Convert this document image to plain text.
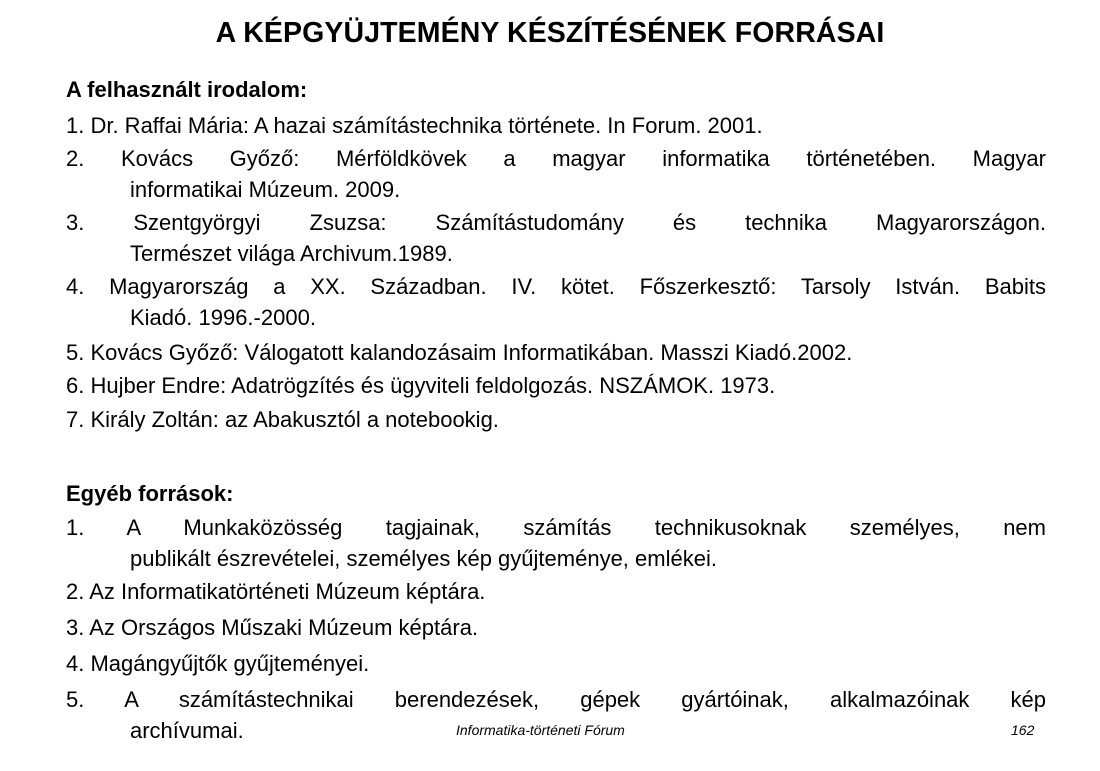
A KÉPGYÜJTEMÉNY KÉSZÍTÉSÉNEK FORRÁSAI
A felhasznált irodalom:
1. Dr. Raffai Mária: A hazai számítástechnika története. In Forum. 2001.
2. Kovács Győző: Mérföldkövek a magyar informatika történetében. Magyar
informatikai Múzeum. 2009.
3. Szentgyörgyi Zsuzsa: Számítástudomány és technika Magyarországon.
Természet világa Archivum.1989.
4. Magyarország a XX. Században. IV. kötet. Főszerkesztő: Tarsoly István. Babits
Kiadó. 1996.-2000.
5. Kovács Győző: Válogatott kalandozásaim Informatikában. Masszi Kiadó.2002.
6. Hujber Endre: Adatrögzítés és ügyviteli feldolgozás. NSZÁMOK. 1973.
7. Király Zoltán: az Abakusztól a notebookig.
Egyéb források:
1. A Munkaközösség tagjainak, számítás technikusoknak személyes, nem
publikált észrevételei, személyes kép gyűjteménye, emlékei.
2. Az Informatikatörténeti Múzeum képtára.
3. Az Országos Műszaki Múzeum képtára.
4. Magángyűjtők gyűjteményei.
5. A számítástechnikai berendezések, gépek gyártóinak, alkalmazóinak kép
archívumai.	Informatika-történeti Fórum	162
